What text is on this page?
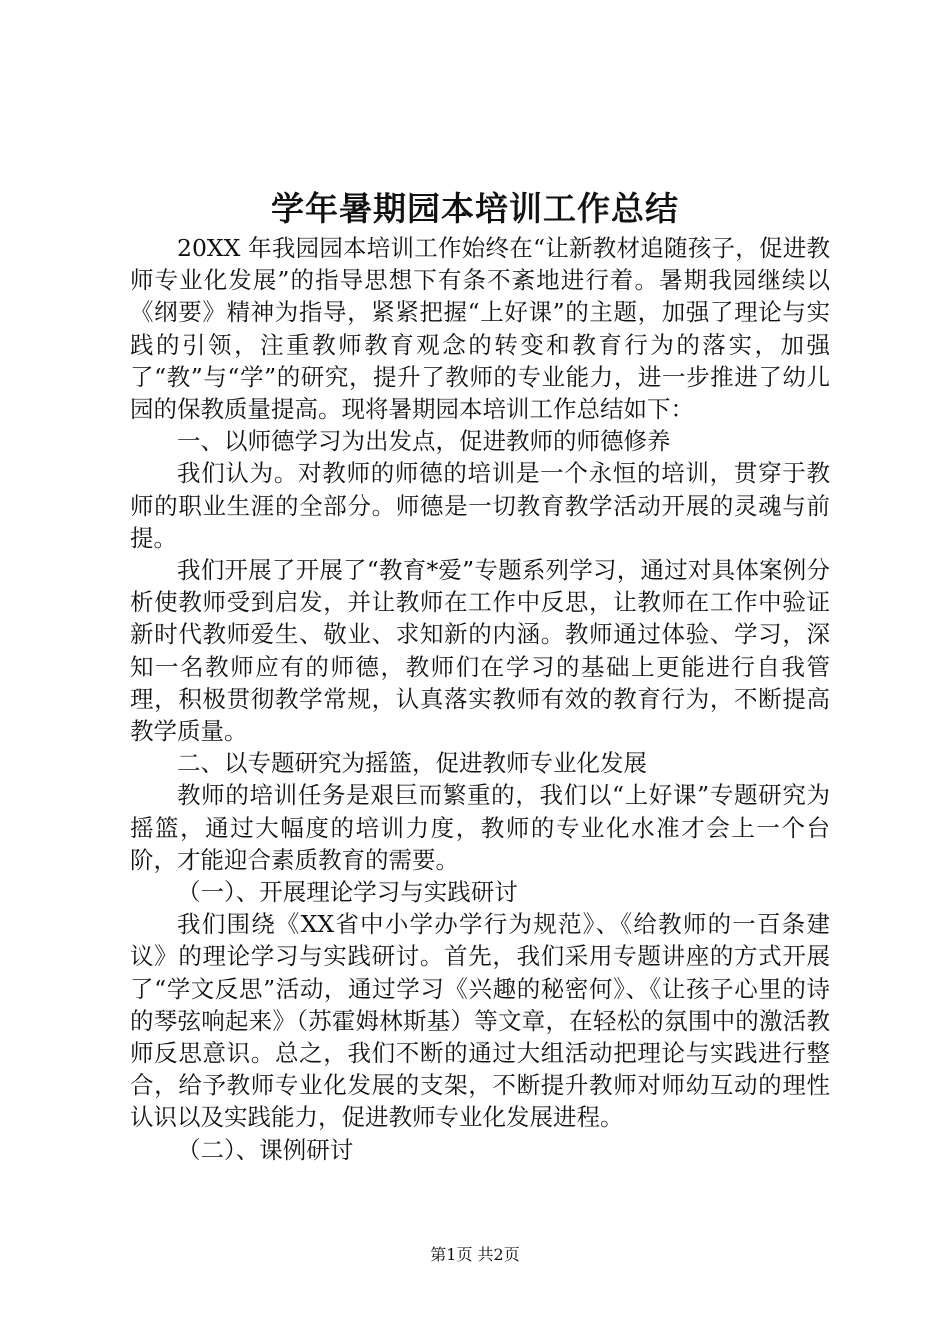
学年暑期园本培训工作总结

20XX 年我园园本培训工作始终在“让新教材追随孩子，促进教师专业化发展”的指导思想下有条不紊地进行着。暑期我园继续以《纲要》精神为指导，紧紧把握“上好课”的主题，加强了理论与实践的引领，注重教师教育观念的转变和教育行为的落实，加强了“教”与“学”的研究，提升了教师的专业能力，进一步推进了幼儿园的保教质量提高。现将暑期园本培训工作总结如下：

一、以师德学习为出发点，促进教师的师德修养

我们认为。对教师的师德的培训是一个永恒的培训，贯穿于教师的职业生涯的全部分。师德是一切教育教学活动开展的灵魂与前提。

我们开展了开展了“教育*爱”专题系列学习，通过对具体案例分析使教师受到启发，并让教师在工作中反思，让教师在工作中验证新时代教师爱生、敬业、求知新的内涵。教师通过体验、学习，深知一名教师应有的师德，教师们在学习的基础上更能进行自我管理，积极贯彻教学常规，认真落实教师有效的教育行为，不断提高教学质量。

二、以专题研究为摇篮，促进教师专业化发展

教师的培训任务是艰巨而繁重的，我们以“上好课”专题研究为摇篮，通过大幅度的培训力度，教师的专业化水准才会上一个台阶，才能迎合素质教育的需要。

（一）、开展理论学习与实践研讨

我们围绕《XX省中小学办学行为规范》、《给教师的一百条建议》的理论学习与实践研讨。首先，我们采用专题讲座的方式开展了“学文反思”活动，通过学习《兴趣的秘密何》、《让孩子心里的诗的琴弦响起来》（苏霍姆林斯基）等文章，在轻松的氛围中的激活教师反思意识。总之，我们不断的通过大组活动把理论与实践进行整合，给予教师专业化发展的支架，不断提升教师对师幼互动的理性认识以及实践能力，促进教师专业化发展进程。

（二）、课例研讨

第1页 共2页
